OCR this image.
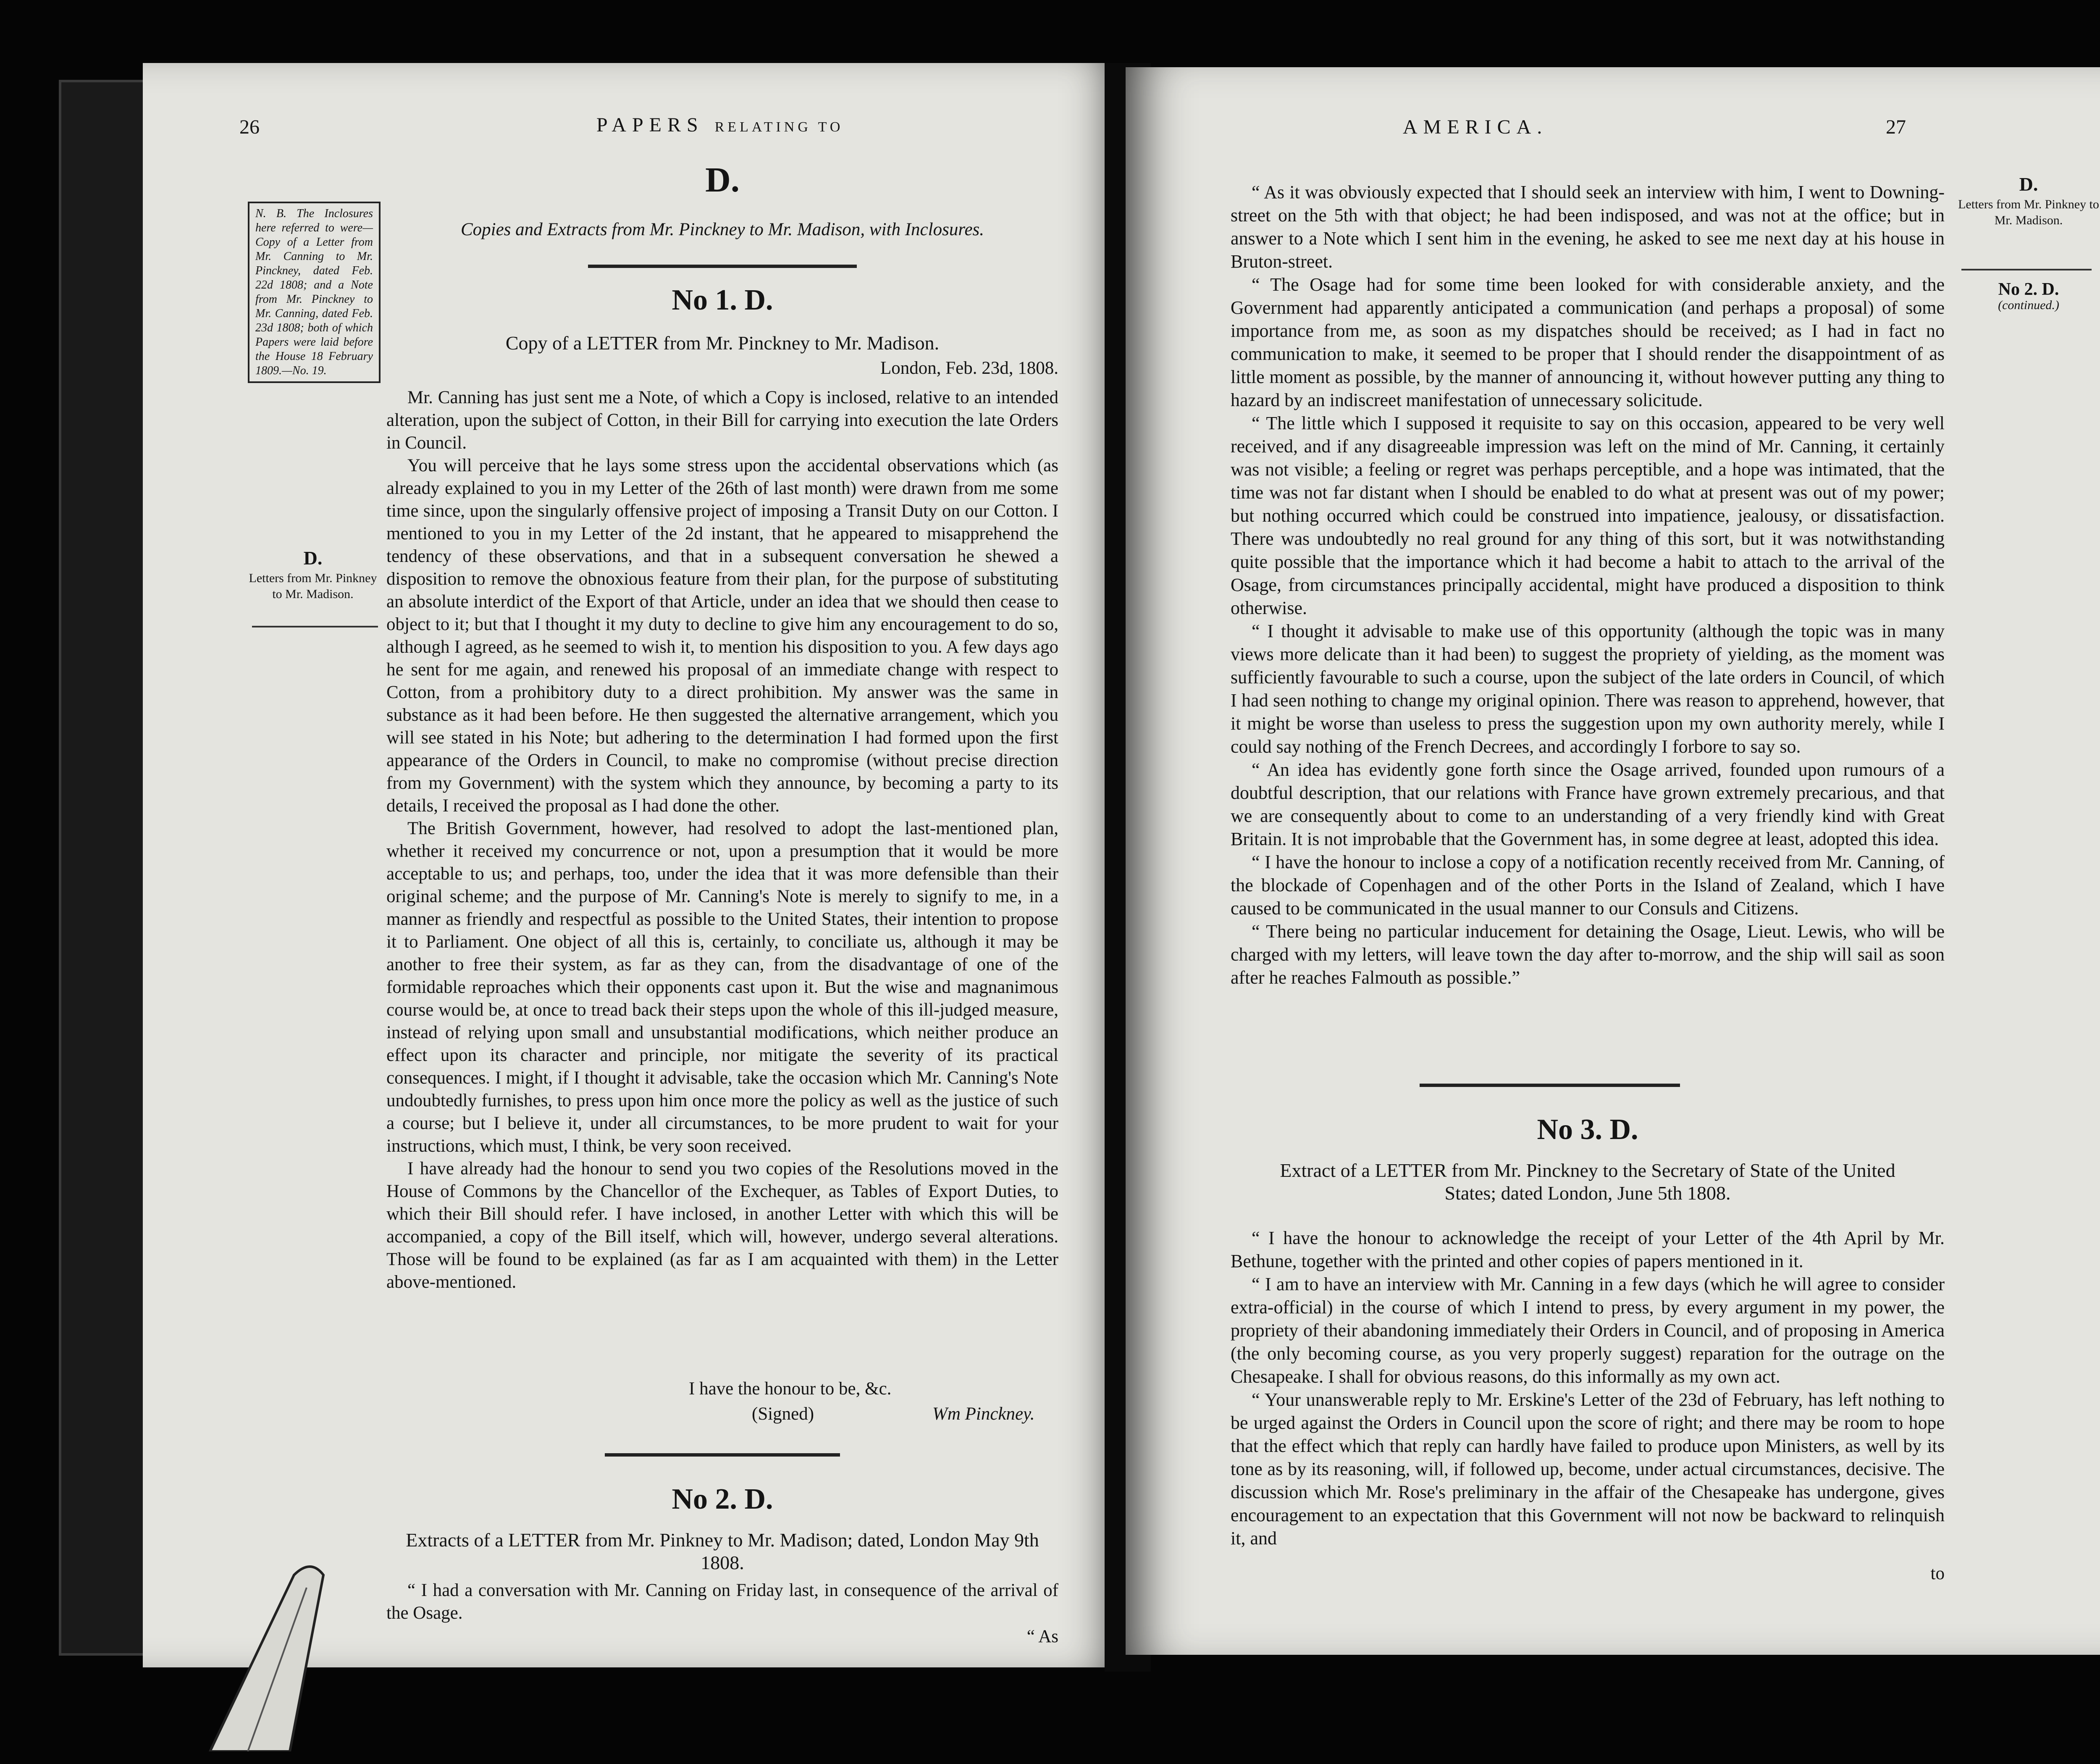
26	PAPERS RELATING TO
N. B. The Inclosures here referred to were—Copy of a Letter from Mr. Canning to Mr. Pinckney, dated Feb. 22d 1808; and a Note from Mr. Pinckney to Mr. Canning, dated Feb. 23d 1808; both of which Papers were laid before the House 18 February 1809.—No. 19.
D.
Letters from Mr. Pinkney to Mr. Madison.
D.
Copies and Extracts from Mr. Pinckney to Mr. Madison, with Inclosures.
No 1. D.
Copy of a LETTER from Mr. Pinckney to Mr. Madison.
London, Feb. 23d, 1808.

Mr. Canning has just sent me a Note, of which a Copy is inclosed, relative to an intended alteration, upon the subject of Cotton, in their Bill for carrying into execution the late Orders in Council.

You will perceive that he lays some stress upon the accidental observations which (as already explained to you in my Letter of the 26th of last month) were drawn from me some time since, upon the singularly offensive project of imposing a Transit Duty on our Cotton. I mentioned to you in my Letter of the 2d instant, that he appeared to misapprehend the tendency of these observations, and that in a subsequent conversation he shewed a disposition to remove the obnoxious feature from their plan, for the purpose of substituting an absolute interdict of the Export of that Article, under an idea that we should then cease to object to it; but that I thought it my duty to decline to give him any encouragement to do so, although I agreed, as he seemed to wish it, to mention his disposition to you. A few days ago he sent for me again, and renewed his proposal of an immediate change with respect to Cotton, from a prohibitory duty to a direct prohibition. My answer was the same in substance as it had been before. He then suggested the alternative arrangement, which you will see stated in his Note; but adhering to the determination I had formed upon the first appearance of the Orders in Council, to make no compromise (without precise direction from my Government) with the system which they announce, by becoming a party to its details, I received the proposal as I had done the other.

The British Government, however, had resolved to adopt the last-mentioned plan, whether it received my concurrence or not, upon a presumption that it would be more acceptable to us; and perhaps, too, under the idea that it was more defensible than their original scheme; and the purpose of Mr. Canning's Note is merely to signify to me, in a manner as friendly and respectful as possible to the United States, their intention to propose it to Parliament. One object of all this is, certainly, to conciliate us, although it may be another to free their system, as far as they can, from the disadvantage of one of the formidable reproaches which their opponents cast upon it. But the wise and magnanimous course would be, at once to tread back their steps upon the whole of this ill-judged measure, instead of relying upon small and unsubstantial modifications, which neither produce an effect upon its character and principle, nor mitigate the severity of its practical consequences. I might, if I thought it advisable, take the occasion which Mr. Canning's Note undoubtedly furnishes, to press upon him once more the policy as well as the justice of such a course; but I believe it, under all circumstances, to be more prudent to wait for your instructions, which must, I think, be very soon received.

I have already had the honour to send you two copies of the Resolutions moved in the House of Commons by the Chancellor of the Exchequer, as Tables of Export Duties, to which their Bill should refer. I have inclosed, in another Letter with which this will be accompanied, a copy of the Bill itself, which will, however, undergo several alterations. Those will be found to be explained (as far as I am acquainted with them) in the Letter above-mentioned.

I have the honour to be, &c.
(Signed)	Wm Pinckney.
No 2. D.
Extracts of a LETTER from Mr. Pinkney to Mr. Madison; dated, London May 9th 1808.

“ I had a conversation with Mr. Canning on Friday last, in consequence of the arrival of the Osage.

“ As
AMERICA.	27
D.
Letters from Mr. Pinkney to Mr. Madison.
No 2. D.
(continued.)

“ As it was obviously expected that I should seek an interview with him, I went to Downing-street on the 5th with that object; he had been indisposed, and was not at the office; but in answer to a Note which I sent him in the evening, he asked to see me next day at his house in Bruton-street.

“ The Osage had for some time been looked for with considerable anxiety, and the Government had apparently anticipated a communication (and perhaps a proposal) of some importance from me, as soon as my dispatches should be received; as I had in fact no communication to make, it seemed to be proper that I should render the disappointment of as little moment as possible, by the manner of announcing it, without however putting any thing to hazard by an indiscreet manifestation of unnecessary solicitude.

“ The little which I supposed it requisite to say on this occasion, appeared to be very well received, and if any disagreeable impression was left on the mind of Mr. Canning, it certainly was not visible; a feeling or regret was perhaps perceptible, and a hope was intimated, that the time was not far distant when I should be enabled to do what at present was out of my power; but nothing occurred which could be construed into impatience, jealousy, or dissatisfaction. There was undoubtedly no real ground for any thing of this sort, but it was notwithstanding quite possible that the importance which it had become a habit to attach to the arrival of the Osage, from circumstances principally accidental, might have produced a disposition to think otherwise.

“ I thought it advisable to make use of this opportunity (although the topic was in many views more delicate than it had been) to suggest the propriety of yielding, as the moment was sufficiently favourable to such a course, upon the subject of the late orders in Council, of which I had seen nothing to change my original opinion. There was reason to apprehend, however, that it might be worse than useless to press the suggestion upon my own authority merely, while I could say nothing of the French Decrees, and accordingly I forbore to say so.

“ An idea has evidently gone forth since the Osage arrived, founded upon rumours of a doubtful description, that our relations with France have grown extremely precarious, and that we are consequently about to come to an understanding of a very friendly kind with Great Britain. It is not improbable that the Government has, in some degree at least, adopted this idea.

“ I have the honour to inclose a copy of a notification recently received from Mr. Canning, of the blockade of Copenhagen and of the other Ports in the Island of Zealand, which I have caused to be communicated in the usual manner to our Consuls and Citizens.

“ There being no particular inducement for detaining the Osage, Lieut. Lewis, who will be charged with my letters, will leave town the day after to-morrow, and the ship will sail as soon after he reaches Falmouth as possible.”

No 3. D.
Extract of a LETTER from Mr. Pinckney to the Secretary of State of the United States; dated London, June 5th 1808.

“ I have the honour to acknowledge the receipt of your Letter of the 4th April by Mr. Bethune, together with the printed and other copies of papers mentioned in it.

“ I am to have an interview with Mr. Canning in a few days (which he will agree to consider extra-official) in the course of which I intend to press, by every argument in my power, the propriety of their abandoning immediately their Orders in Council, and of proposing in America (the only becoming course, as you very properly suggest) reparation for the outrage on the Chesapeake. I shall for obvious reasons, do this informally as my own act.

“ Your unanswerable reply to Mr. Erskine's Letter of the 23d of February, has left nothing to be urged against the Orders in Council upon the score of right; and there may be room to hope that the effect which that reply can hardly have failed to produce upon Ministers, as well by its tone as by its reasoning, will, if followed up, become, under actual circumstances, decisive. The discussion which Mr. Rose's preliminary in the affair of the Chesapeake has undergone, gives encouragement to an expectation that this Government will not now be backward to relinquish it, and

to
